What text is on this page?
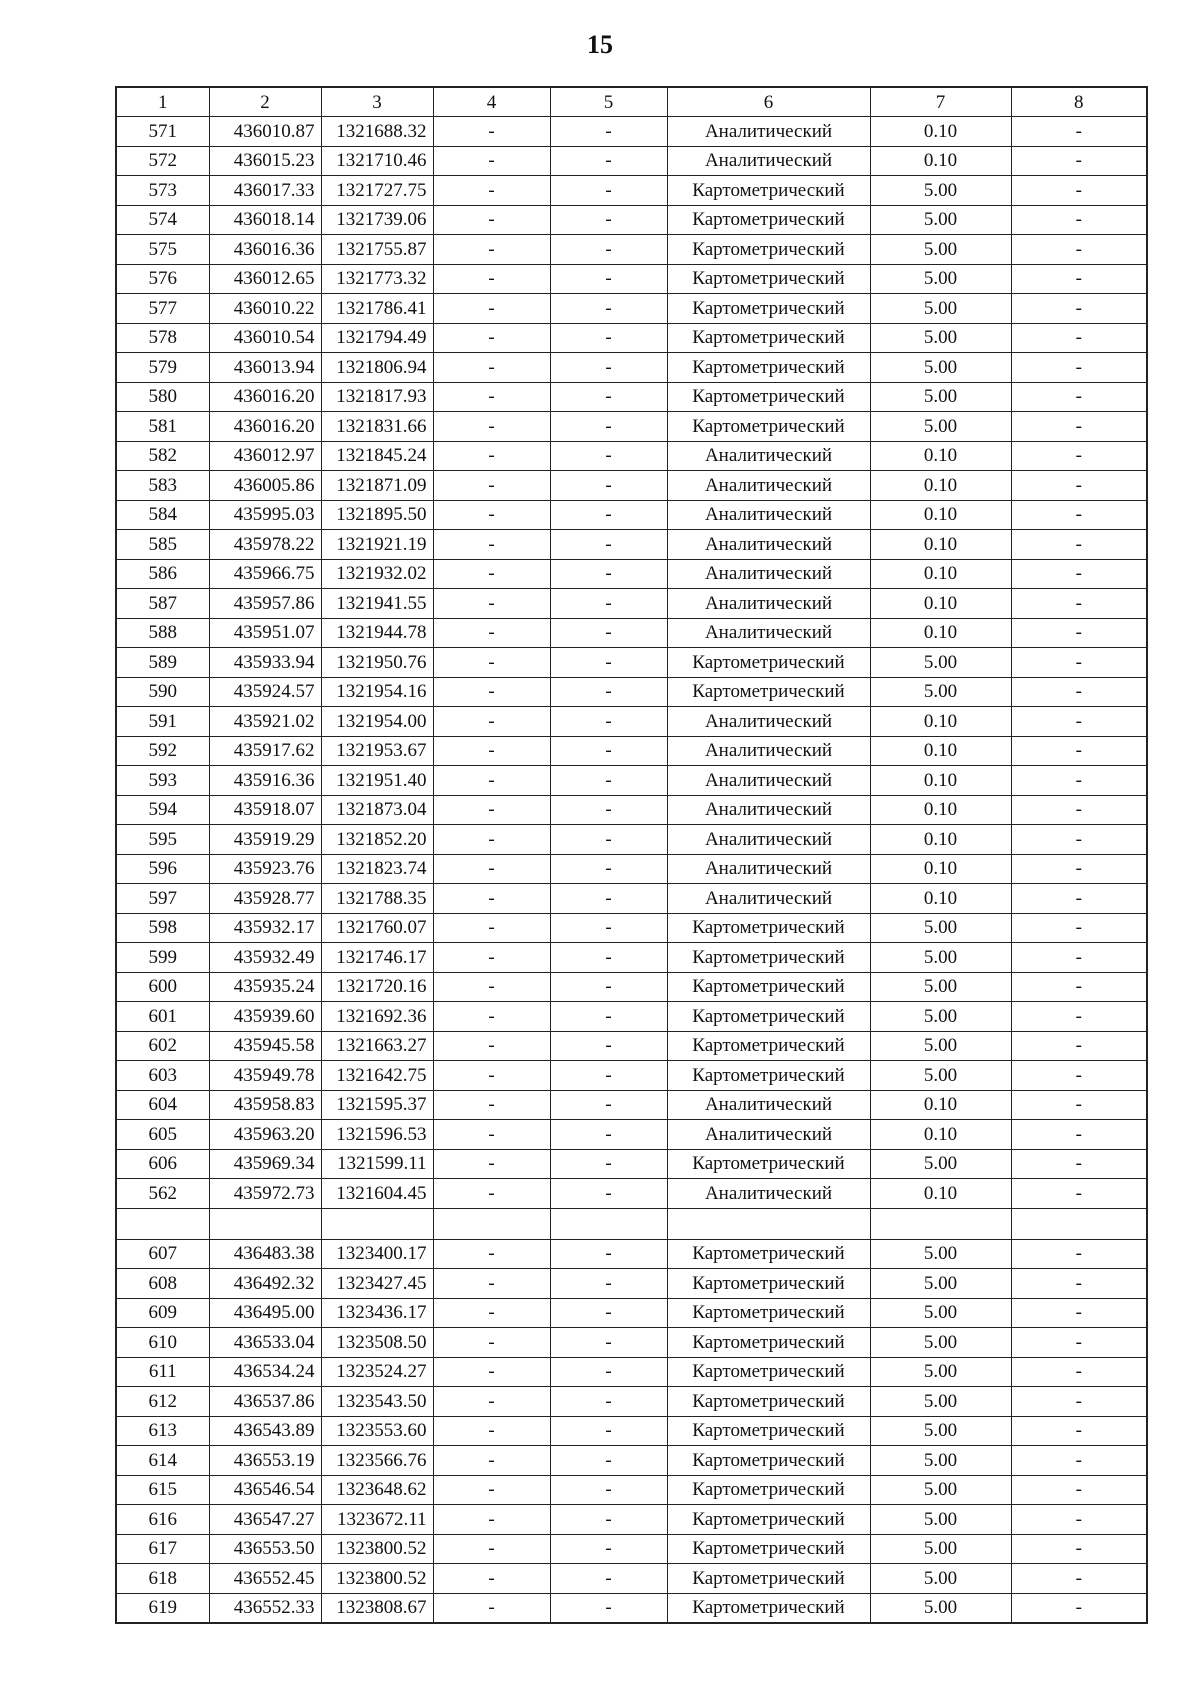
15
1	2	3	4	5	6	7	8
571	436010.87	1321688.32	-	-	Аналитический	0.10	-
572	436015.23	1321710.46	-	-	Аналитический	0.10	-
573	436017.33	1321727.75	-	-	Картометрический	5.00	-
574	436018.14	1321739.06	-	-	Картометрический	5.00	-
575	436016.36	1321755.87	-	-	Картометрический	5.00	-
576	436012.65	1321773.32	-	-	Картометрический	5.00	-
577	436010.22	1321786.41	-	-	Картометрический	5.00	-
578	436010.54	1321794.49	-	-	Картометрический	5.00	-
579	436013.94	1321806.94	-	-	Картометрический	5.00	-
580	436016.20	1321817.93	-	-	Картометрический	5.00	-
581	436016.20	1321831.66	-	-	Картометрический	5.00	-
582	436012.97	1321845.24	-	-	Аналитический	0.10	-
583	436005.86	1321871.09	-	-	Аналитический	0.10	-
584	435995.03	1321895.50	-	-	Аналитический	0.10	-
585	435978.22	1321921.19	-	-	Аналитический	0.10	-
586	435966.75	1321932.02	-	-	Аналитический	0.10	-
587	435957.86	1321941.55	-	-	Аналитический	0.10	-
588	435951.07	1321944.78	-	-	Аналитический	0.10	-
589	435933.94	1321950.76	-	-	Картометрический	5.00	-
590	435924.57	1321954.16	-	-	Картометрический	5.00	-
591	435921.02	1321954.00	-	-	Аналитический	0.10	-
592	435917.62	1321953.67	-	-	Аналитический	0.10	-
593	435916.36	1321951.40	-	-	Аналитический	0.10	-
594	435918.07	1321873.04	-	-	Аналитический	0.10	-
595	435919.29	1321852.20	-	-	Аналитический	0.10	-
596	435923.76	1321823.74	-	-	Аналитический	0.10	-
597	435928.77	1321788.35	-	-	Аналитический	0.10	-
598	435932.17	1321760.07	-	-	Картометрический	5.00	-
599	435932.49	1321746.17	-	-	Картометрический	5.00	-
600	435935.24	1321720.16	-	-	Картометрический	5.00	-
601	435939.60	1321692.36	-	-	Картометрический	5.00	-
602	435945.58	1321663.27	-	-	Картометрический	5.00	-
603	435949.78	1321642.75	-	-	Картометрический	5.00	-
604	435958.83	1321595.37	-	-	Аналитический	0.10	-
605	435963.20	1321596.53	-	-	Аналитический	0.10	-
606	435969.34	1321599.11	-	-	Картометрический	5.00	-
562	435972.73	1321604.45	-	-	Аналитический	0.10	-

607	436483.38	1323400.17	-	-	Картометрический	5.00	-
608	436492.32	1323427.45	-	-	Картометрический	5.00	-
609	436495.00	1323436.17	-	-	Картометрический	5.00	-
610	436533.04	1323508.50	-	-	Картометрический	5.00	-
611	436534.24	1323524.27	-	-	Картометрический	5.00	-
612	436537.86	1323543.50	-	-	Картометрический	5.00	-
613	436543.89	1323553.60	-	-	Картометрический	5.00	-
614	436553.19	1323566.76	-	-	Картометрический	5.00	-
615	436546.54	1323648.62	-	-	Картометрический	5.00	-
616	436547.27	1323672.11	-	-	Картометрический	5.00	-
617	436553.50	1323800.52	-	-	Картометрический	5.00	-
618	436552.45	1323800.52	-	-	Картометрический	5.00	-
619	436552.33	1323808.67	-	-	Картометрический	5.00	-
